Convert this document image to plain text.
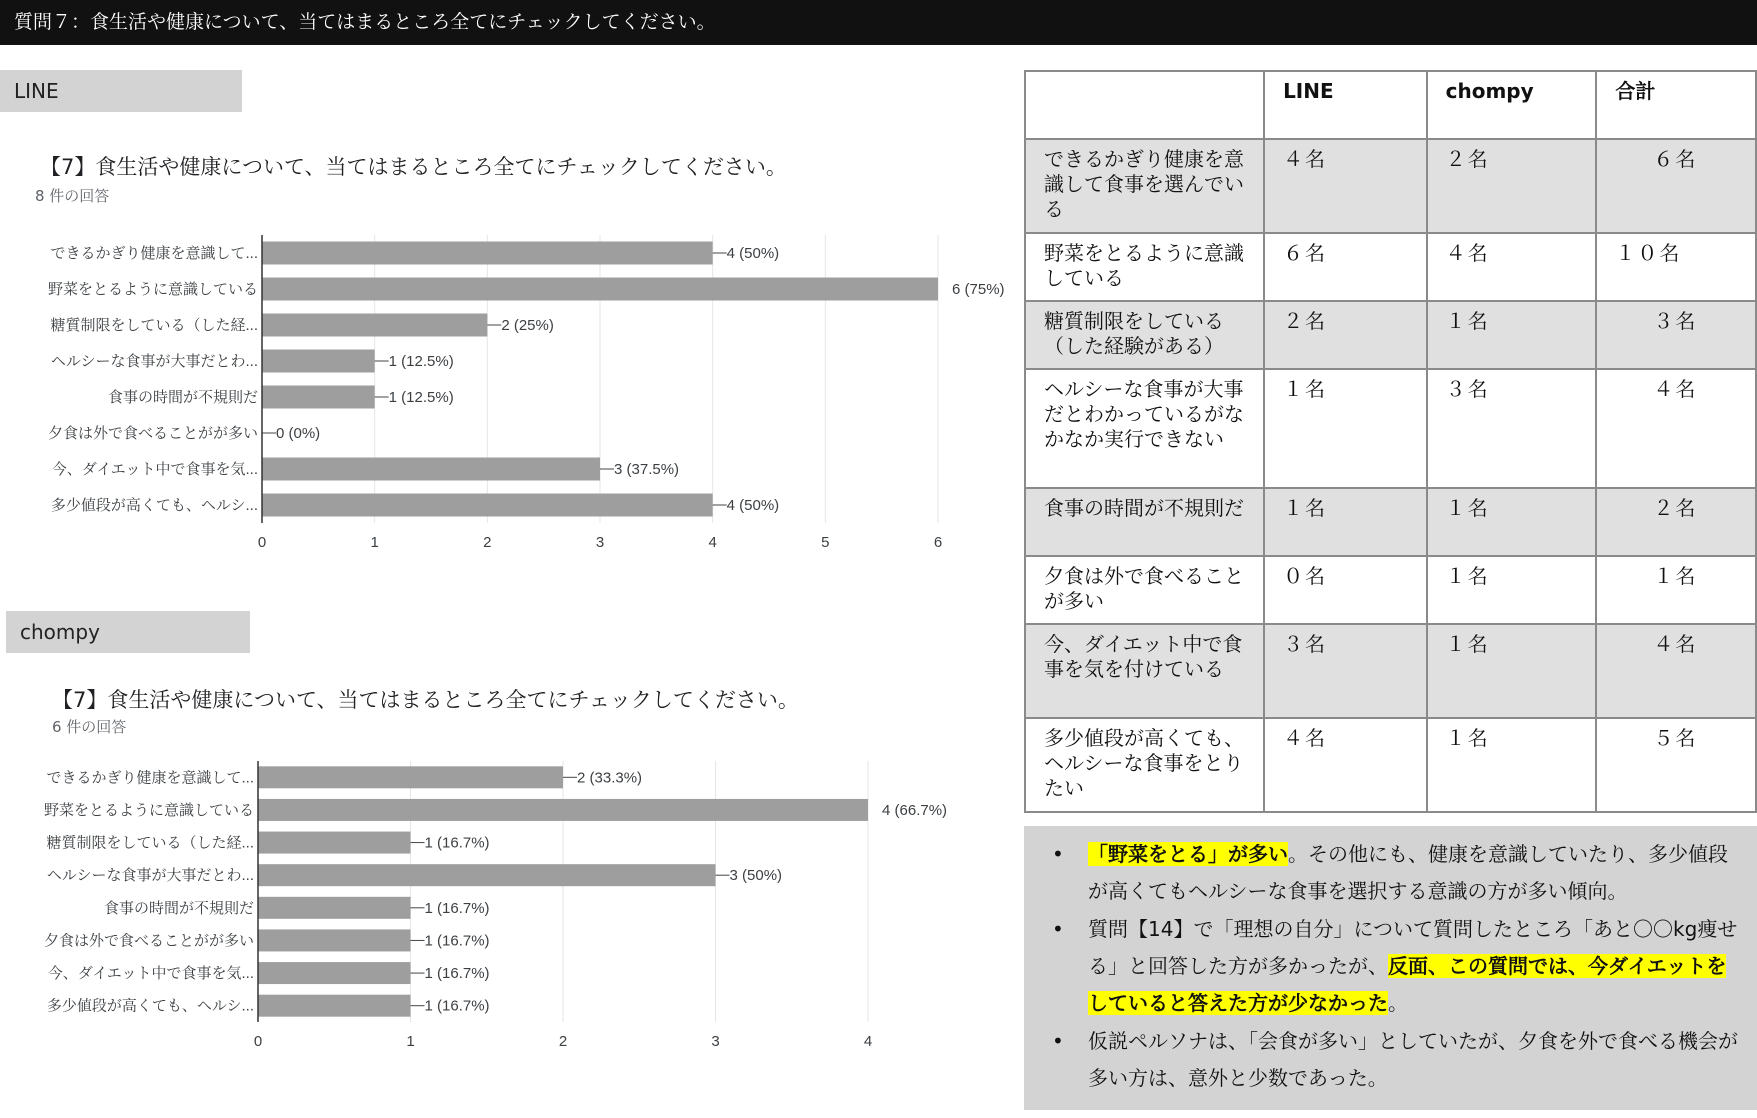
質問７：食生活や健康について、当てはまるところ全てにチェックしてください。
LINE
【7】食生活や健康について、当てはまるところ全てにチェックしてください。
8 件の回答
できるかぎり健康を意識して...	4 (50%)
野菜をとるように意識している	6 (75%)
糖質制限をしている（した経...	2 (25%)
ヘルシーな食事が大事だとわ...	1 (12.5%)
食事の時間が不規則だ	1 (12.5%)
夕食は外で食べることがが多い 0 (0%)
今、ダイエット中で食事を気...	3 (37.5%)
多少値段が高くても、ヘルシ...	4 (50%)
0	1	2	3	4	5	6
chompy
【7】食生活や健康について、当てはまるところ全てにチェックしてください。
6 件の回答
できるかぎり健康を意識して...	2 (33.3%)
野菜をとるように意識している	4 (66.7%)
糖質制限をしている（した経...	1 (16.7%)
ヘルシーな食事が大事だとわ...	3 (50%)
食事の時間が不規則だ	1 (16.7%)
夕食は外で食べることがが多い	1 (16.7%)
今、ダイエット中で食事を気...	1 (16.7%)
多少値段が高くても、ヘルシ...	1 (16.7%)
0	1	2	3	4
	LINE	chompy	合計
できるかぎり健康を意識して食事を選んでいる	４名	２名	６名
野菜をとるように意識している	６名	４名	１０名
糖質制限をしている（した経験がある）	２名	１名	３名
ヘルシーな食事が大事だとわかっているがなかなか実行できない	１名	３名	４名
食事の時間が不規則だ	１名	１名	２名
夕食は外で食べることが多い	０名	１名	１名
今、ダイエット中で食事を気を付けている	３名	１名	４名
多少値段が高くても、ヘルシーな食事をとりたい	４名	１名	５名
• 「野菜をとる」が多い。その他にも、健康を意識していたり、多少値段が高くてもヘルシーな食事を選択する意識の方が多い傾向。
• 質問【14】で「理想の自分」について質問したところ「あと〇〇kg痩せる」と回答した方が多かったが、反面、この質問では、今ダイエットをしていると答えた方が少なかった。
• 仮説ペルソナは、「会食が多い」としていたが、夕食を外で食べる機会が多い方は、意外と少数であった。
